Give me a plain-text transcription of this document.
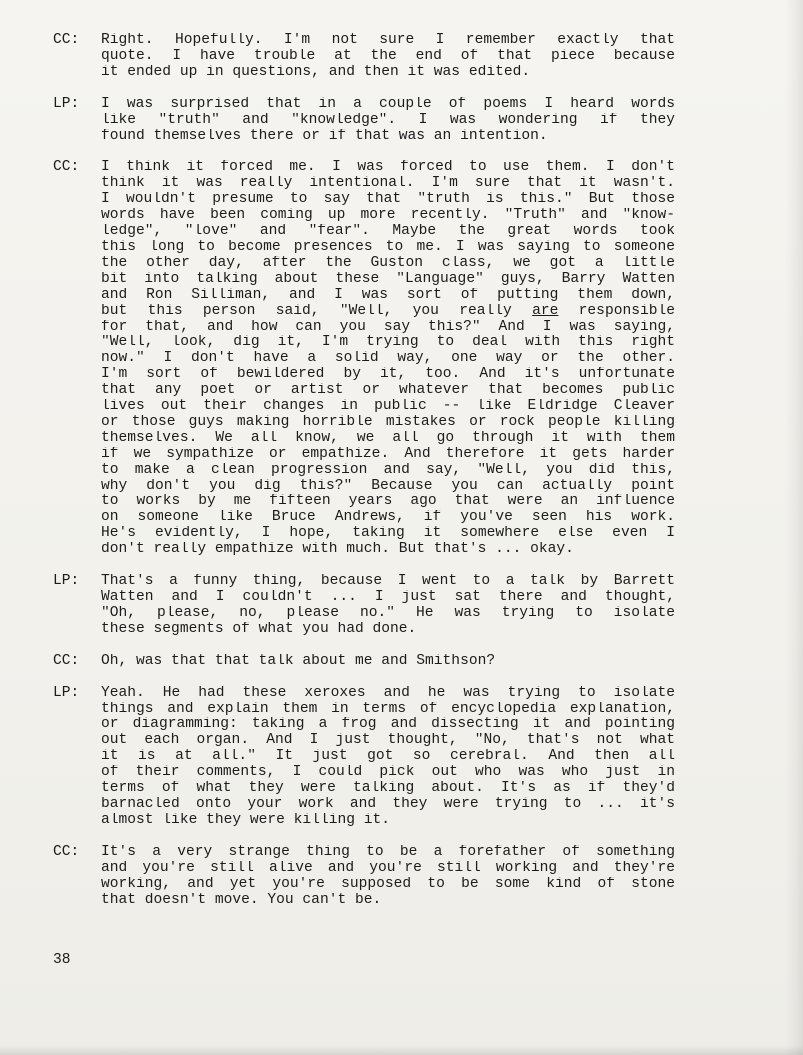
CC:	Right. Hopefully. I'm not sure I remember exactly that
quote. I have trouble at the end of that piece because
it ended up in questions, and then it was edited.
LP:	I was surprised that in a couple of poems I heard words
like "truth" and "knowledge". I was wondering if they
found themselves there or if that was an intention.
CC:	I think it forced me. I was forced to use them. I don't
think it was really intentional. I'm sure that it wasn't.
I wouldn't presume to say that "truth is this." But those
words have been coming up more recently. "Truth" and "know-
ledge", "love" and "fear". Maybe the great words took
this long to become presences to me. I was saying to someone
the other day, after the Guston class, we got a little
bit into talking about these "Language" guys, Barry Watten
and Ron Silliman, and I was sort of putting them down,
but this person said, "Well, you really are responsible
for that, and how can you say this?" And I was saying,
"Well, look, dig it, I'm trying to deal with this right
now." I don't have a solid way, one way or the other.
I'm sort of bewildered by it, too. And it's unfortunate
that any poet or artist or whatever that becomes public
lives out their changes in public -- like Eldridge Cleaver
or those guys making horrible mistakes or rock people killing
themselves. We all know, we all go through it with them
if we sympathize or empathize. And therefore it gets harder
to make a clean progression and say, "Well, you did this,
why don't you dig this?" Because you can actually point
to works by me fifteen years ago that were an influence
on someone like Bruce Andrews, if you've seen his work.
He's evidently, I hope, taking it somewhere else even I
don't really empathize with much. But that's ... okay.
LP:	That's a funny thing, because I went to a talk by Barrett
Watten and I couldn't ... I just sat there and thought,
"Oh, please, no, please no." He was trying to isolate
these segments of what you had done.
CC:	Oh, was that that talk about me and Smithson?
LP:	Yeah. He had these xeroxes and he was trying to isolate
things and explain them in terms of encyclopedia explanation,
or diagramming: taking a frog and dissecting it and pointing
out each organ. And I just thought, "No, that's not what
it is at all." It just got so cerebral. And then all
of their comments, I could pick out who was who just in
terms of what they were talking about. It's as if they'd
barnacled onto your work and they were trying to ... it's
almost like they were killing it.
CC:	It's a very strange thing to be a forefather of something
and you're still alive and you're still working and they're
working, and yet you're supposed to be some kind of stone
that doesn't move. You can't be.
38
